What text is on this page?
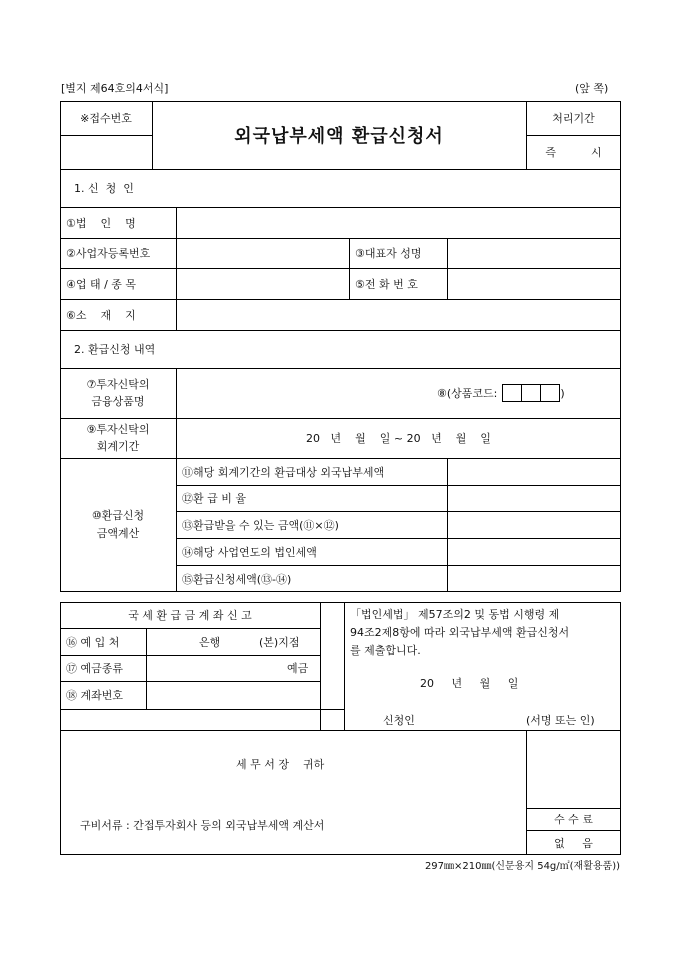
[별지 제64호의4서식]	(앞 쪽)
※접수번호
외국납부세액 환급신청서
처리기간
즉          시
1. 신  청  인
①법    인    명
②사업자등록번호	③대표자 성명
④업 태 / 종 목	⑤전 화 번 호
⑥소    재    지
2. 환급신청 내역
⑦투자신탁의
금융상품명
⑧(상품코드:	)
⑨투자신탁의
회계기간
20   년    월    일 ~ 20   년    월    일
⑩환급신청
금액계산
⑪해당 회계기간의 환급대상 외국납부세액
⑫환 급 비 율
⑬환급받을 수 있는 금액(⑪×⑫)
⑭해당 사업연도의 법인세액
⑮환급신청세액(⑬-⑭)
국 세 환 급 금 계 좌 신 고
⑯ 예 입 처	은행	(본)지점
⑰ 예금종류	예금
⑱ 계좌번호
「법인세법」 제57조의2 및 동법 시행령 제
94조2제8항에 따라 외국납부세액 환급신청서
를 제출합니다.
20     년     월     일
신청인	(서명 또는 인)
세 무 서 장    귀하
구비서류 : 간접투자회사 등의 외국납부세액 계산서	수 수 료
없     음
297㎜×210㎜(신문용지 54g/㎡(재활용품))
